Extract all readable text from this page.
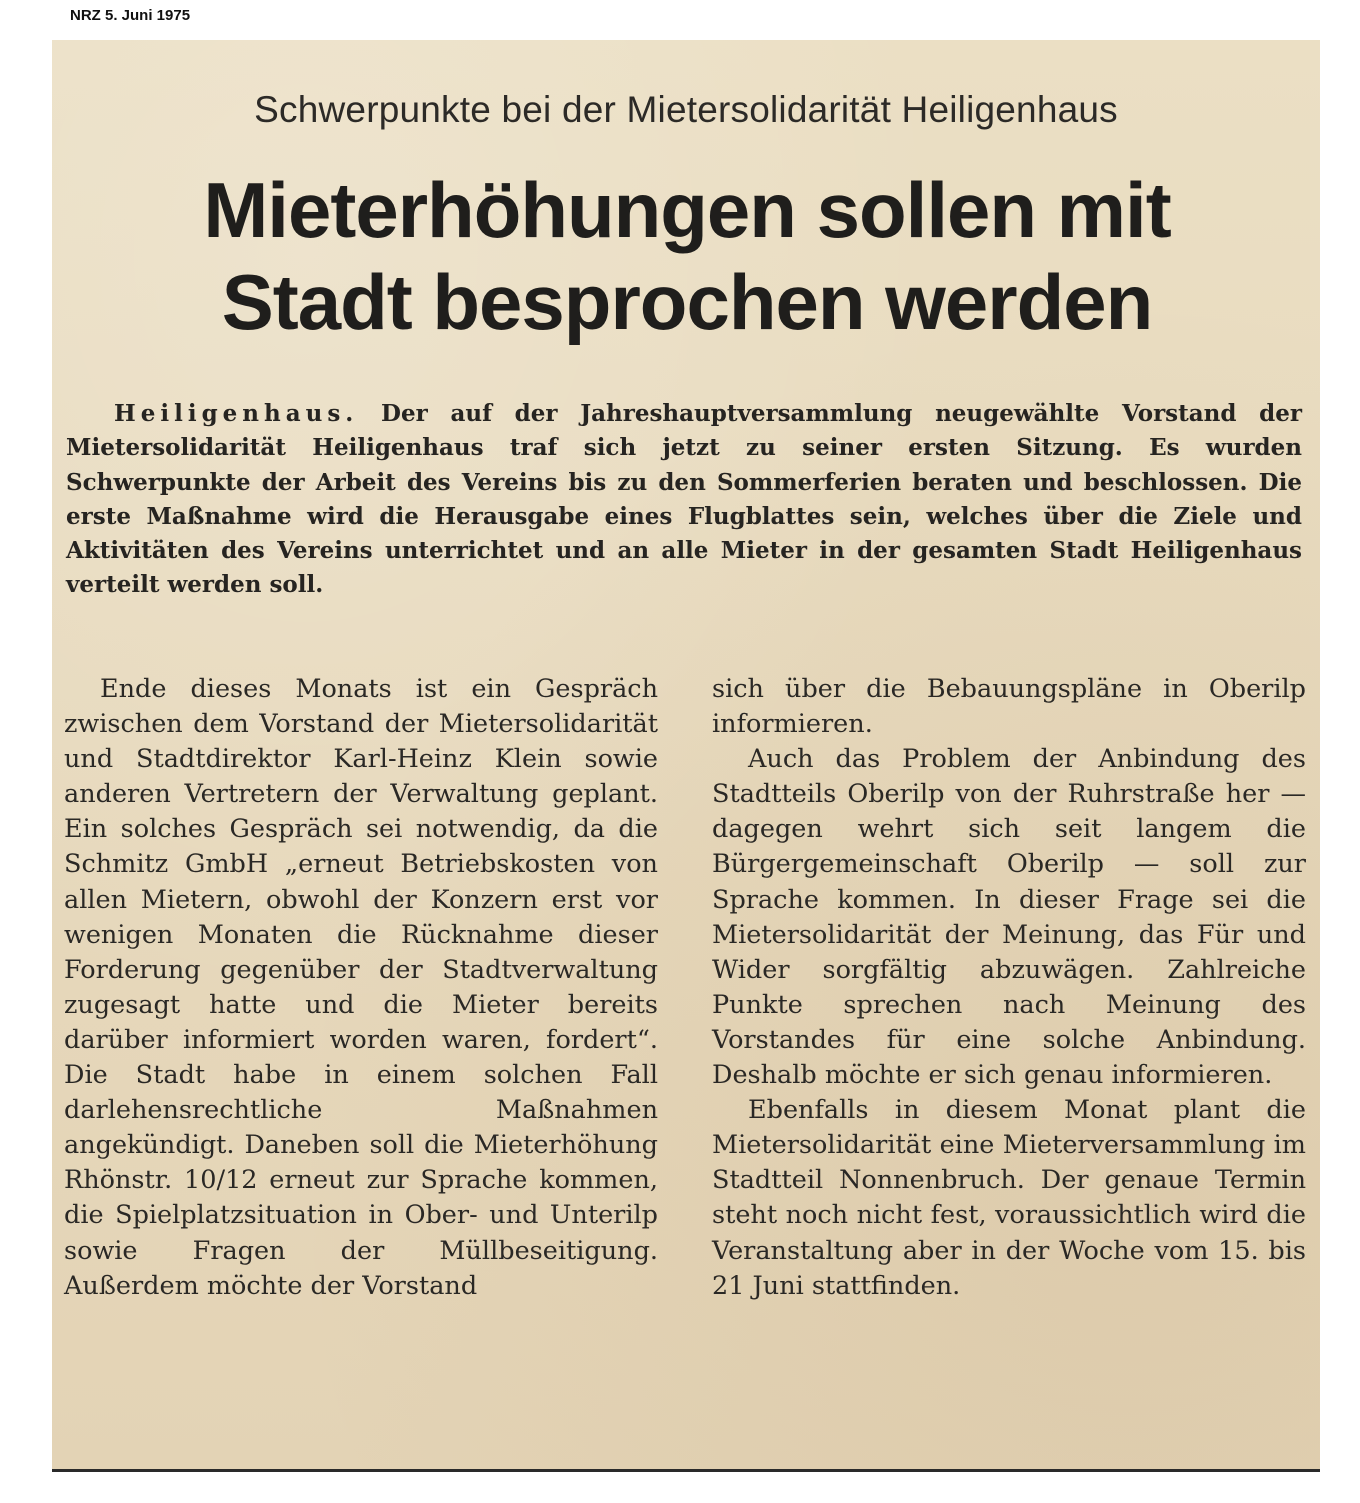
NRZ 5. Juni 1975
Schwerpunkte bei der Mietersolidarität Heiligenhaus
Mieterhöhungen sollen mit
Stadt besprochen werden

Heiligenhaus. Der auf der Jahreshauptversammlung neugewählte Vorstand der Mietersolidarität Heiligenhaus traf sich jetzt zu seiner ersten Sitzung. Es wurden Schwerpunkte der Arbeit des Vereins bis zu den Sommerferien beraten und beschlossen. Die erste Maßnahme wird die Herausgabe eines Flugblattes sein, welches über die Ziele und Aktivitäten des Vereins unterrichtet und an alle Mieter in der gesamten Stadt Heiligenhaus verteilt werden soll.

Ende dieses Monats ist ein Gespräch zwischen dem Vorstand der Mietersolidarität und Stadtdirektor Karl-Heinz Klein sowie anderen Vertretern der Verwaltung geplant. Ein solches Gespräch sei notwendig, da die Schmitz GmbH „erneut Betriebskosten von allen Mietern, obwohl der Konzern erst vor wenigen Monaten die Rücknahme dieser Forderung gegenüber der Stadtverwaltung zugesagt hatte und die Mieter bereits darüber informiert worden waren, fordert“. Die Stadt habe in einem solchen Fall darlehensrechtliche Maßnahmen angekündigt. Daneben soll die Mieterhöhung Rhönstr. 10/12 erneut zur Sprache kommen, die Spielplatzsituation in Ober- und Unterilp sowie Fragen der Müllbeseitigung. Außerdem möchte der Vorstand

sich über die Bebauungspläne in Oberilp informieren.

Auch das Problem der Anbindung des Stadtteils Oberilp von der Ruhrstraße her — dagegen wehrt sich seit langem die Bürgergemeinschaft Oberilp — soll zur Sprache kommen. In dieser Frage sei die Mietersolidarität der Meinung, das Für und Wider sorgfältig abzuwägen. Zahlreiche Punkte sprechen nach Meinung des Vorstandes für eine solche Anbindung. Deshalb möchte er sich genau informieren.

Ebenfalls in diesem Monat plant die Mietersolidarität eine Mieterversammlung im Stadtteil Nonnenbruch. Der genaue Termin steht noch nicht fest, voraussichtlich wird die Veranstaltung aber in der Woche vom 15. bis 21 Juni stattfinden.
